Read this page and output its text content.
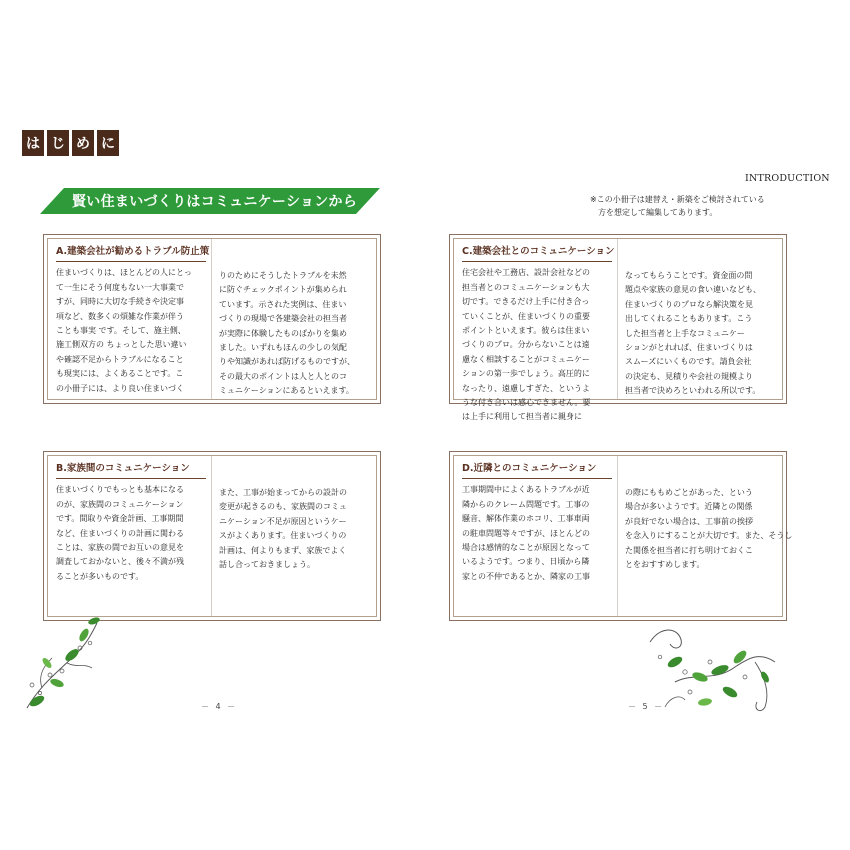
は じ め に
INTRODUCTION
賢い住まいづくりはコミュニケーションから	※この小冊子は建替え・新築をご検討されている
方を想定して編集してあります。
A.建築会社が勧めるトラブル防止策
住まいづくりは、ほとんどの人にとっ
て一生にそう何度もない一大事業で
すが、同時に大切な手続きや決定事
項など、数多くの煩雑な作業が伴う
ことも事実 です。そして、施主側、
施工側双方の ちょっとした思い違い
や確認不足からトラブルになること
も現実には、よくあることです。こ
の小冊子には、より良い住まいづく
りのためにそうしたトラブルを未然
に防ぐチェックポイントが集められ
ています。示された実例は、住まい
づくりの現場で各建築会社の担当者
が実際に体験したものばかりを集め
ました。いずれもほんの少しの気配
りや知識があれば防げるものですが、
その最大のポイントは人と人とのコ
ミュニケーションにあるといえます。
B.家族間のコミュニケーション
住まいづくりでもっとも基本になる
のが、家族間のコミュニケーション
です。間取りや資金計画、工事期間
など、住まいづくりの計画に関わる
ことは、家族の間でお互いの意見を
調査しておかないと、後々不満が残
ることが多いものです。
また、工事が始まってからの設計の
変更が起きるのも、家族間のコミュ
ニケーション不足が原因というケー
スがよくあります。住まいづくりの
計画は、何よりもまず、家族でよく
話し合っておきましょう。
C.建築会社とのコミュニケーション
住宅会社や工務店、設計会社などの
担当者とのコミュニケーションも大
切です。できるだけ上手に付き合っ
ていくことが、住まいづくりの重要
ポイントといえます。彼らは住まい
づくりのプロ。分からないことは遠
慮なく相談することがコミュニケー
ションの第一歩でしょう。高圧的に
なったり、遠慮しすぎた、というよ
うな付き合いは感心できません。要
は上手に利用して担当者に親身に
なってもらうことです。資金面の問
題点や家族の意見の食い違いなども、
住まいづくりのプロなら解決策を見
出してくれることもあります。こう
した担当者と上手なコミュニケー
ションがとれれば、住まいづくりは
スムーズにいくものです。請負会社
の決定も、見積りや会社の規模より
担当者で決めろといわれる所以です。
D.近隣とのコミュニケーション
工事期間中によくあるトラブルが近
隣からのクレーム問題です。工事の
騒音、解体作業のホコリ、工事車両
の駐車問題等々ですが、ほとんどの
場合は感情的なことが原因となって
いるようです。つまり、日頃から隣
家との不仲であるとか、隣家の工事
の際にももめごとがあった、という
場合が多いようです。近隣との関係
が良好でない場合は、工事前の挨拶
を念入りにすることが大切です。また、そうし
た関係を担当者に打ち明けておくこ
とをおすすめします。
－ 4 －	－ 5 －
